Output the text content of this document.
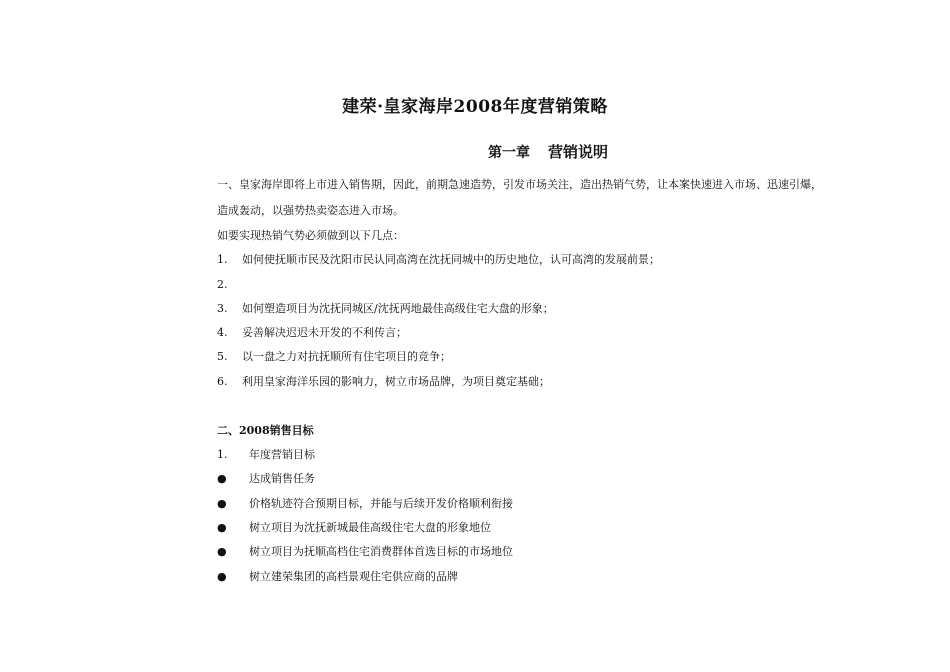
建荣·皇家海岸2008年度营销策略
第一章 营销说明
一、皇家海岸即将上市进入销售期，因此，前期急速造势，引发市场关注，造出热销气势，让本案快速进入市场、迅速引爆，
造成轰动，以强势热卖姿态进入市场。
如要实现热销气势必须做到以下几点：
1. 如何使抚顺市民及沈阳市民认同高湾在沈抚同城中的历史地位，认可高湾的发展前景；
2.
3. 如何塑造项目为沈抚同城区/沈抚两地最佳高级住宅大盘的形象；
4. 妥善解决迟迟未开发的不利传言；
5. 以一盘之力对抗抚顺所有住宅项目的竞争；
6. 利用皇家海洋乐园的影响力，树立市场品牌，为项目奠定基础；
二、2008销售目标
1. 年度营销目标
● 达成销售任务
● 价格轨迹符合预期目标，并能与后续开发价格顺利衔接
● 树立项目为沈抚新城最佳高级住宅大盘的形象地位
● 树立项目为抚顺高档住宅消费群体首选目标的市场地位
● 树立建荣集团的高档景观住宅供应商的品牌
